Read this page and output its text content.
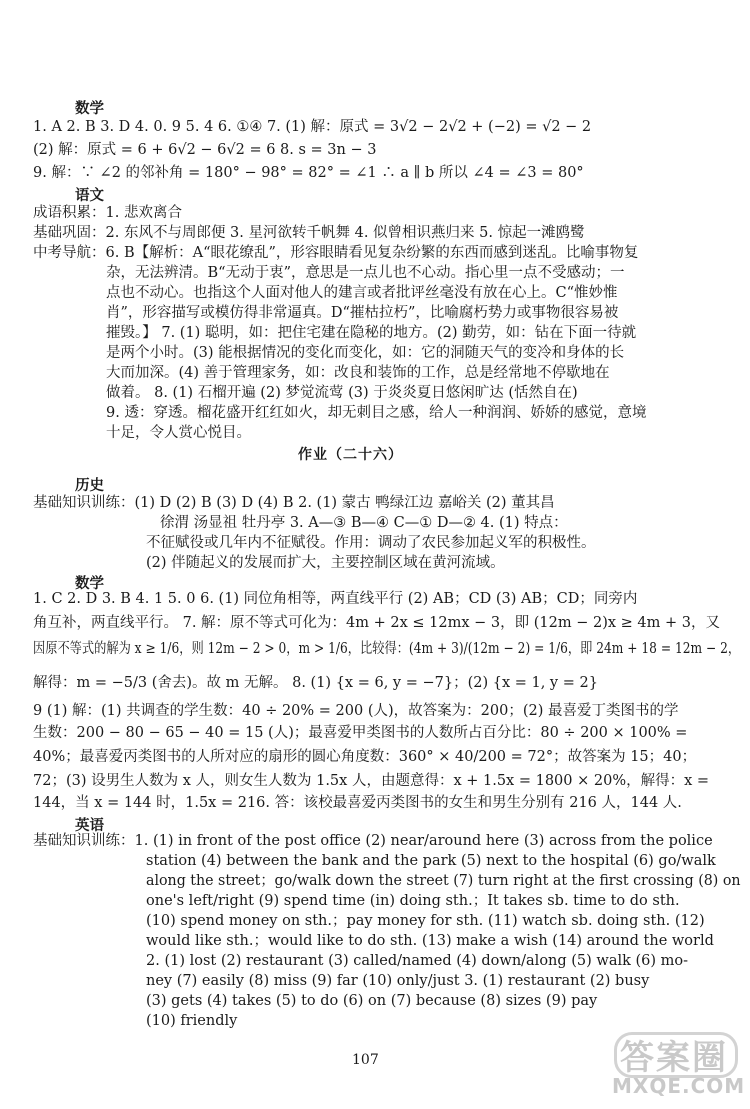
数学
1. A 2. B 3. D 4. 0. 9 5. 4 6. ①④ 7. (1) 解：原式 = 3√2 − 2√2 + (−2) = √2 − 2
(2) 解：原式 = 6 + 6√2 − 6√2 = 6 8. s = 3n − 3
9. 解：∵ ∠2 的邻补角 = 180° − 98° = 82° = ∠1 ∴ a ∥ b 所以 ∠4 = ∠3 = 80°
语文
成语积累：1. 悲欢离合
基础巩固：2. 东风不与周郎便 3. 星河欲转千帆舞 4. 似曾相识燕归来 5. 惊起一滩鸥鹭
中考导航：6. B【解析：A“眼花缭乱”，形容眼睛看见复杂纷繁的东西而感到迷乱。比喻事物复
杂，无法辨清。B“无动于衷”，意思是一点儿也不心动。指心里一点不受感动；一
点也不动心。也指这个人面对他人的建言或者批评丝毫没有放在心上。C“惟妙惟
肖”，形容描写或模仿得非常逼真。D“摧枯拉朽”，比喻腐朽势力或事物很容易被
摧毁。】 7. (1) 聪明，如：把住宅建在隐秘的地方。(2) 勤劳，如：钻在下面一待就
是两个小时。(3) 能根据情况的变化而变化，如：它的洞随天气的变冷和身体的长
大而加深。(4) 善于管理家务，如：改良和装饰的工作，总是经常地不停歇地在
做着。 8. (1) 石榴开遍 (2) 梦觉流莺 (3) 于炎炎夏日悠闲旷达 (恬然自在)
9. 透：穿透。榴花盛开红红如火，却无刺目之感，给人一种润润、娇娇的感觉，意境
十足，令人赏心悦目。
作业（二十六）
历史
基础知识训练：(1) D (2) B (3) D (4) B 2. (1) 蒙古 鸭绿江边 嘉峪关 (2) 董其昌
徐渭 汤显祖 牡丹亭 3. A—③ B—④ C—① D—② 4. (1) 特点：
不征赋役或几年内不征赋役。作用：调动了农民参加起义军的积极性。
(2) 伴随起义的发展而扩大，主要控制区域在黄河流域。
数学
1. C 2. D 3. B 4. 1 5. 0 6. (1) 同位角相等，两直线平行 (2) AB；CD (3) AB；CD；同旁内
角互补，两直线平行。 7. 解：原不等式可化为：4m + 2x ≤ 12mx − 3，即 (12m − 2)x ≥ 4m + 3，又
因原不等式的解为 x ≥ 1/6，则 12m − 2 > 0，m > 1/6，比较得：(4m + 3)/(12m − 2) = 1/6，即 24m + 18 = 12m − 2，
解得：m = −5/3 (舍去)。故 m 无解。 8. (1) {x = 6, y = −7}；(2) {x = 1, y = 2}
9 (1) 解：(1) 共调查的学生数：40 ÷ 20% = 200 (人)，故答案为：200；(2) 最喜爱丁类图书的学
生数：200 − 80 − 65 − 40 = 15 (人)；最喜爱甲类图书的人数所占百分比：80 ÷ 200 × 100% =
40%；最喜爱丙类图书的人所对应的扇形的圆心角度数：360° × 40/200 = 72°；故答案为 15；40；
72；(3) 设男生人数为 x 人，则女生人数为 1.5x 人，由题意得：x + 1.5x = 1800 × 20%，解得：x =
144，当 x = 144 时，1.5x = 216. 答：该校最喜爱丙类图书的女生和男生分别有 216 人，144 人.
英语
基础知识训练：1. (1) in front of the post office (2) near/around here (3) across from the police
station (4) between the bank and the park (5) next to the hospital (6) go/walk
along the street；go/walk down the street (7) turn right at the first crossing (8) on
one's left/right (9) spend time (in) doing sth.；It takes sb. time to do sth.
(10) spend money on sth.；pay money for sth. (11) watch sb. doing sth. (12)
would like sth.；would like to do sth. (13) make a wish (14) around the world
2. (1) lost (2) restaurant (3) called/named (4) down/along (5) walk (6) mo-
ney (7) easily (8) miss (9) far (10) only/just 3. (1) restaurant (2) busy
(3) gets (4) takes (5) to do (6) on (7) because (8) sizes (9) pay
(10) friendly
107	答案圈
MXQE.COM
